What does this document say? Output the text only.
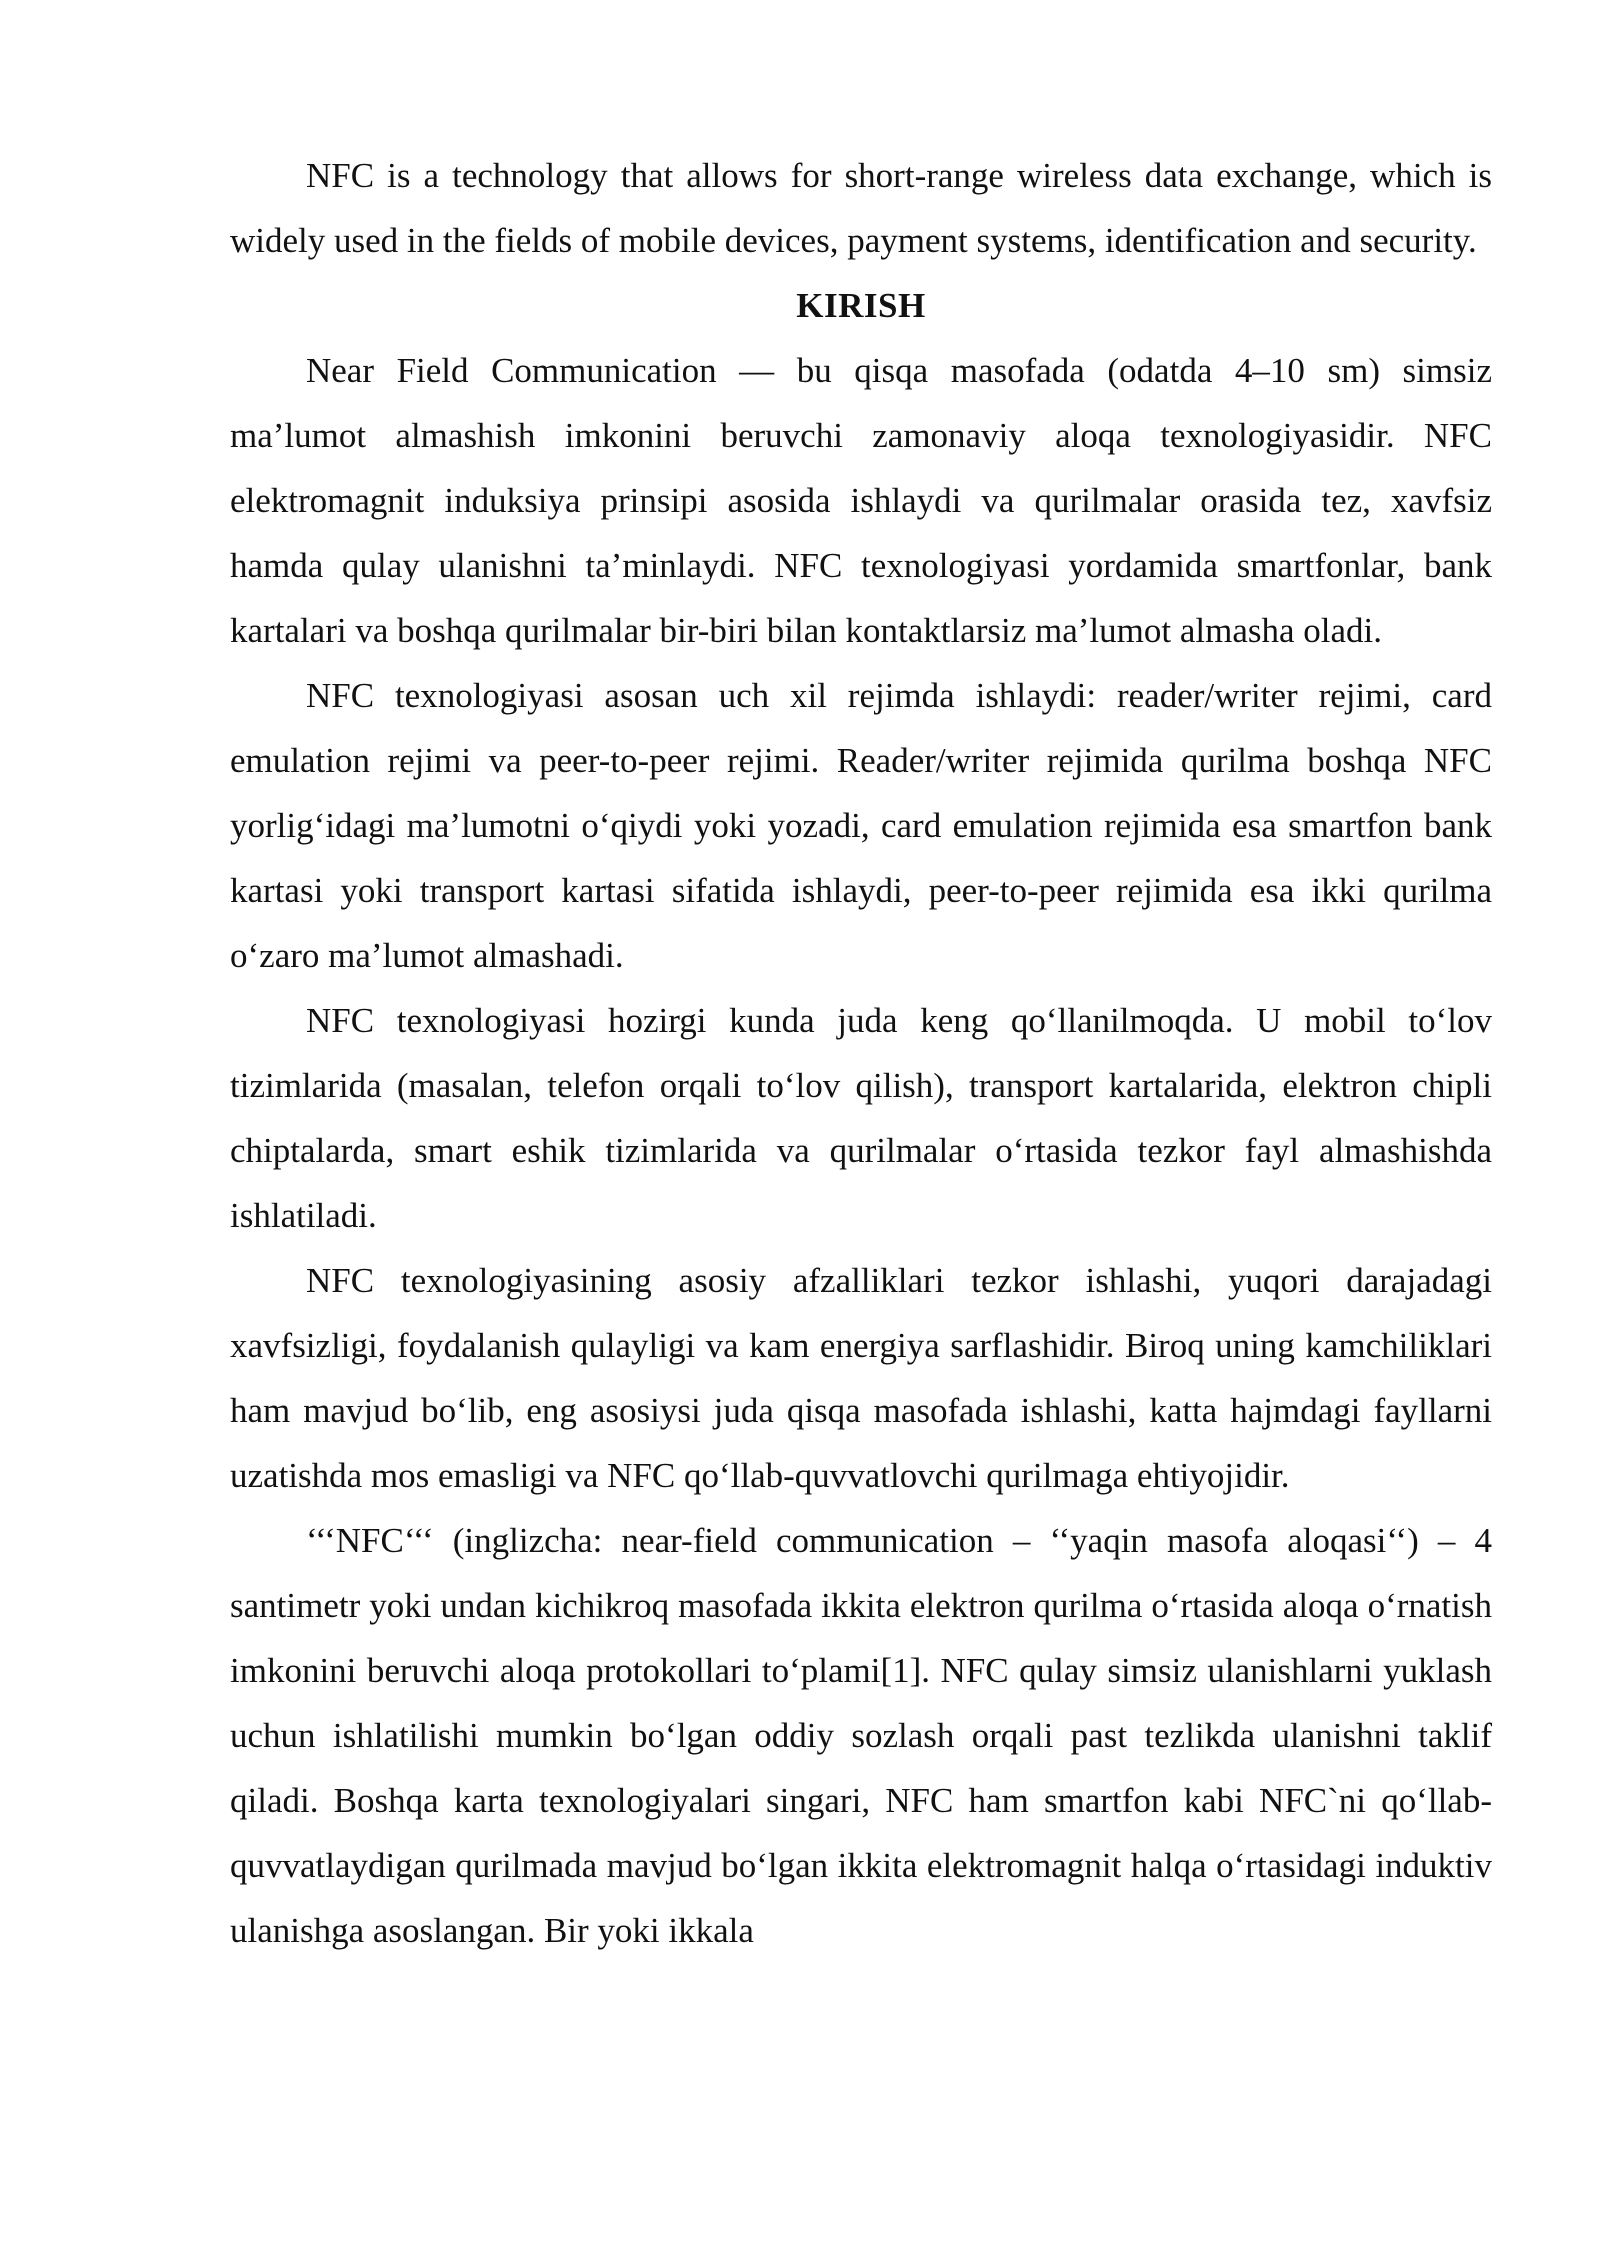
NFC is a technology that allows for short-range wireless data exchange, which is widely used in the fields of mobile devices, payment systems, identification and security.

KIRISH

Near Field Communication — bu qisqa masofada (odatda 4–10 sm) simsiz ma’lumot almashish imkonini beruvchi zamonaviy aloqa texnologiyasidir. NFC elektromagnit induksiya prinsipi asosida ishlaydi va qurilmalar orasida tez, xavfsiz hamda qulay ulanishni ta’minlaydi. NFC texnologiyasi yordamida smartfonlar, bank kartalari va boshqa qurilmalar bir-biri bilan kontaktlarsiz ma’lumot almasha oladi.

NFC texnologiyasi asosan uch xil rejimda ishlaydi: reader/writer rejimi, card emulation rejimi va peer-to-peer rejimi. Reader/writer rejimida qurilma boshqa NFC yorlig‘idagi ma’lumotni o‘qiydi yoki yozadi, card emulation rejimida esa smartfon bank kartasi yoki transport kartasi sifatida ishlaydi, peer-to-peer rejimida esa ikki qurilma o‘zaro ma’lumot almashadi.

NFC texnologiyasi hozirgi kunda juda keng qo‘llanilmoqda. U mobil to‘lov tizimlarida (masalan, telefon orqali to‘lov qilish), transport kartalarida, elektron chipli chiptalarda, smart eshik tizimlarida va qurilmalar o‘rtasida tezkor fayl almashishda ishlatiladi.

NFC texnologiyasining asosiy afzalliklari tezkor ishlashi, yuqori darajadagi xavfsizligi, foydalanish qulayligi va kam energiya sarflashidir. Biroq uning kamchiliklari ham mavjud bo‘lib, eng asosiysi juda qisqa masofada ishlashi, katta hajmdagi fayllarni uzatishda mos emasligi va NFC qo‘llab-quvvatlovchi qurilmaga ehtiyojidir.

‘‘‘NFC‘‘‘ (inglizcha: near-field communication – ‘‘yaqin masofa aloqasi‘‘) – 4 santimetr yoki undan kichikroq masofada ikkita elektron qurilma o‘rtasida aloqa o‘rnatish imkonini beruvchi aloqa protokollari to‘plami[1]. NFC qulay simsiz ulanishlarni yuklash uchun ishlatilishi mumkin bo‘lgan oddiy sozlash orqali past tezlikda ulanishni taklif qiladi. Boshqa karta texnologiyalari singari, NFC ham smartfon kabi NFC`ni qo‘llab-quvvatlaydigan qurilmada mavjud bo‘lgan ikkita elektromagnit halqa o‘rtasidagi induktiv ulanishga asoslangan. Bir yoki ikkala
